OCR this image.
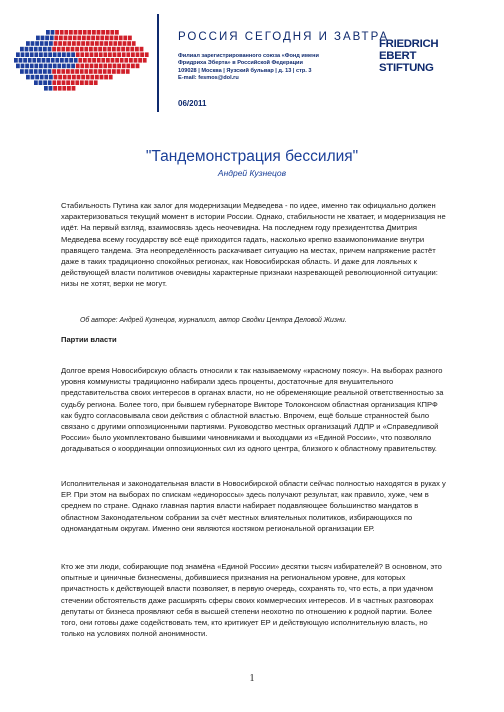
РОССИЯ СЕГОДНЯ И ЗАВТРА
Филиал зарегистрированного союза «Фонд имени
Фридриха Эберта» в Российской Федерации
109028 | Москва | Яузский бульвар | д. 13 | стр. 3
E-mail: fesmos@dol.ru
FRIEDRICH
EBERT
STIFTUNG
06/2011
"Тандемонстрация бессилия"
Андрей Кузнецов
Стабильность Путина как залог для модернизации Медведева - по идее, именно так официально должен характеризоваться текущий момент в истории России. Однако, стабильности не хватает, и модернизация не идёт. На первый взгляд, взаимосвязь здесь неочевидна. На последнем году президентства Дмитрия Медведева всему государству всё ещё приходится гадать, насколько крепко взаимопонимание внутри правящего тандема. Эта неопределённость раскачивает ситуацию на местах, причем напряжение растёт даже в таких традиционно спокойных регионах, как Новосибирская область. И даже для лояльных к действующей власти политиков очевидны характерные признаки назревающей революционной ситуации: низы не хотят, верхи не могут.
Об авторе: Андрей Кузнецов, журналист, автор Сводки Центра Деловой Жизни.
Партии власти
Долгое время Новосибирскую область относили к так называемому «красному поясу». На выборах разного уровня коммунисты традиционно набирали здесь проценты, достаточные для внушительного представительства своих интересов в органах власти, но не обременяющие реальной ответственностью за судьбу региона. Более того, при бывшем губернаторе Викторе Толоконском областная организация КПРФ как будто согласовывала свои действия с областной властью. Впрочем, ещё больше странностей было связано с другими оппозиционными партиями. Руководство местных организаций ЛДПР и «Справедливой России» было укомплектовано бывшими чиновниками и выходцами из «Единой России», что позволяло догадываться о координации оппозиционных сил из одного центра, близкого к областному правительству.
Исполнительная и законодательная власти в Новосибирской области сейчас полностью находятся в руках у ЕР. При этом на выборах по спискам «единороссы» здесь получают результат, как правило, хуже, чем в среднем по стране. Однако главная партия власти набирает подавляющее большинство мандатов в областном Законодательном собрании за счёт местных влиятельных политиков, избирающихся по одномандатным округам. Именно они являются костяком региональной организации ЕР.
Кто же эти люди, собирающие под знамёна «Единой России» десятки тысяч избирателей? В основном, это опытные и циничные бизнесмены, добившиеся признания на региональном уровне, для которых причастность к действующей власти позволяет, в первую очередь, сохранять то, что есть, а при удачном стечении обстоятельств даже расширять сферы своих коммерческих интересов. И в частных разговорах депутаты от бизнеса проявляют себя в высшей степени неохотно по отношению к родной партии. Более того, они готовы даже содействовать тем, кто критикует ЕР и действующую исполнительную власть, но только на условиях полной анонимности.
1
